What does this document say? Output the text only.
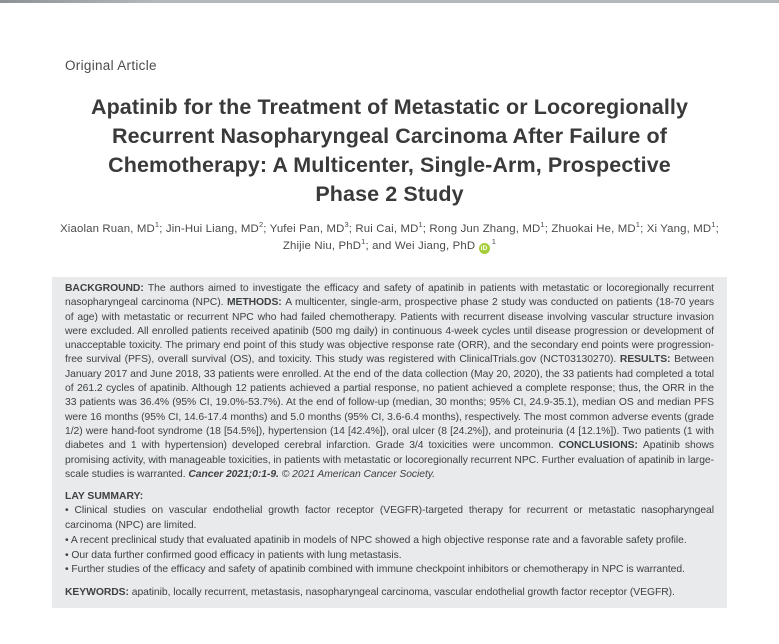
Original Article
Apatinib for the Treatment of Metastatic or Locoregionally
Recurrent Nasopharyngeal Carcinoma After Failure of
Chemotherapy: A Multicenter, Single-Arm, Prospective
Phase 2 Study
Xiaolan Ruan, $MD^1$; Jin-Hui Liang, $MD^2$; Yufei Pan, $MD^3$; Rui Cai, $MD^1$; Rong Jun Zhang, $MD^1$; Zhuokai He, $MD^1$; Xi Yang, $MD^1$;
Zhijie Niu, PhD$^1$; and Wei Jiang, PhD iD $^1$

BACKGROUND: The authors aimed to investigate the efficacy and safety of apatinib in patients with metastatic or locoregionally recurrent nasopharyngeal carcinoma (NPC). METHODS: A multicenter, single-arm, prospective phase 2 study was conducted on patients (18-70 years of age) with metastatic or recurrent NPC who had failed chemotherapy. Patients with recurrent disease involving vascular structure invasion were excluded. All enrolled patients received apatinib (500 mg daily) in continuous 4-week cycles until disease progression or development of unacceptable toxicity. The primary end point of this study was objective response rate (ORR), and the secondary end points were progression-free survival (PFS), overall survival (OS), and toxicity. This study was registered with ClinicalTrials.gov (NCT03130270). RESULTS: Between January 2017 and June 2018, 33 patients were enrolled. At the end of the data collection (May 20, 2020), the 33 patients had completed a total of 261.2 cycles of apatinib. Although 12 patients achieved a partial response, no patient achieved a complete response; thus, the ORR in the 33 patients was 36.4% (95% CI, 19.0%-53.7%). At the end of follow-up (median, 30 months; 95% CI, 24.9-35.1), median OS and median PFS were 16 months (95% CI, 14.6-17.4 months) and 5.0 months (95% CI, 3.6-6.4 months), respectively. The most common adverse events (grade 1/2) were hand-foot syndrome (18 [54.5%]), hypertension (14 [42.4%]), oral ulcer (8 [24.2%]), and proteinuria (4 [12.1%]). Two patients (1 with diabetes and 1 with hypertension) developed cerebral infarction. Grade 3/4 toxicities were uncommon. CONCLUSIONS: Apatinib shows promising activity, with manageable toxicities, in patients with metastatic or locoregionally recurrent NPC. Further evaluation of apatinib in large-scale studies is warranted. Cancer 2021;0:1-9. © 2021 American Cancer Society.

LAY SUMMARY:

• Clinical studies on vascular endothelial growth factor receptor (VEGFR)-targeted therapy for recurrent or metastatic nasopharyngeal carcinoma (NPC) are limited.

• A recent preclinical study that evaluated apatinib in models of NPC showed a high objective response rate and a favorable safety profile.

• Our data further confirmed good efficacy in patients with lung metastasis.

• Further studies of the efficacy and safety of apatinib combined with immune checkpoint inhibitors or chemotherapy in NPC is warranted.

KEYWORDS: apatinib, locally recurrent, metastasis, nasopharyngeal carcinoma, vascular endothelial growth factor receptor (VEGFR).
